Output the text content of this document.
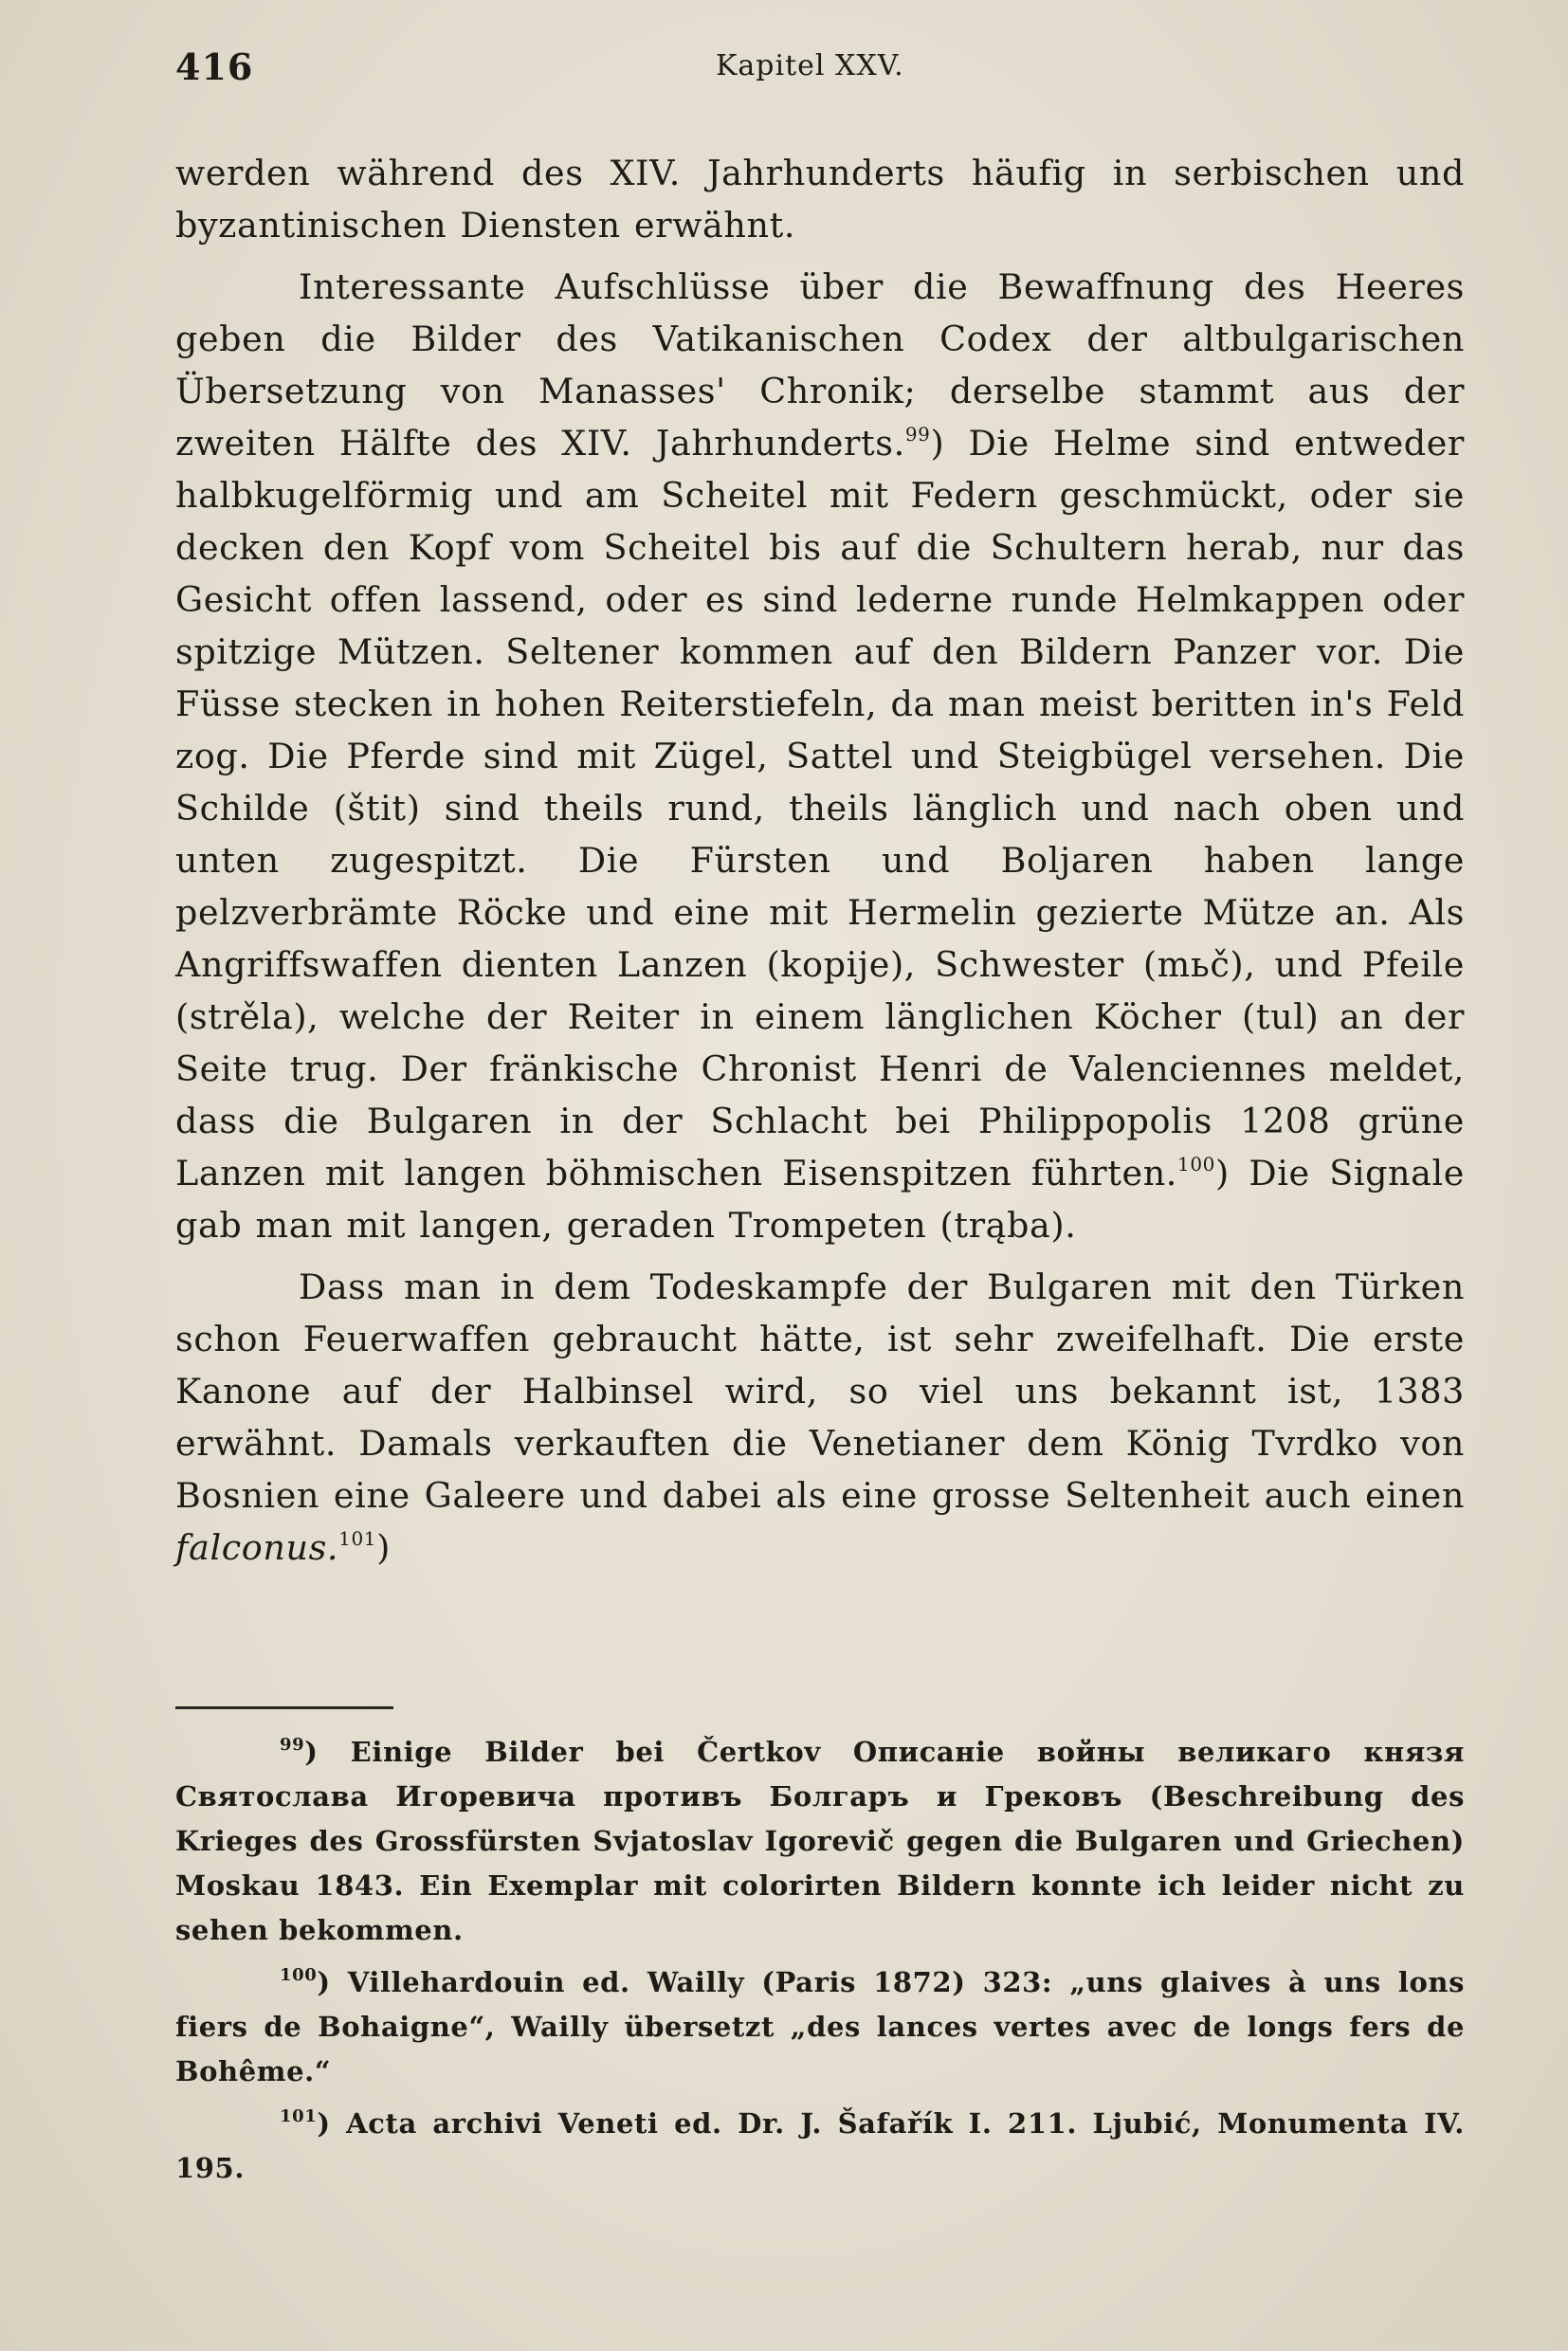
416	Kapitel XXV.

werden während des XIV. Jahrhunderts häufig in serbischen und byzantinischen Diensten erwähnt.

Interessante Aufschlüsse über die Bewaffnung des Heeres geben die Bilder des Vatikanischen Codex der altbulgarischen Übersetzung von Manasses' Chronik; derselbe stammt aus der zweiten Hälfte des XIV. Jahrhunderts.$^{99}$) Die Helme sind entweder halbkugelförmig und am Scheitel mit Federn geschmückt, oder sie decken den Kopf vom Scheitel bis auf die Schultern herab, nur das Gesicht offen lassend, oder es sind lederne runde Helmkappen oder spitzige Mützen. Seltener kommen auf den Bildern Panzer vor. Die Füsse stecken in hohen Reiterstiefeln, da man meist beritten in's Feld zog. Die Pferde sind mit Zügel, Sattel und Steigbügel versehen. Die Schilde (štit) sind theils rund, theils länglich und nach oben und unten zugespitzt. Die Fürsten und Boljaren haben lange pelzverbrämte Röcke und eine mit Hermelin gezierte Mütze an. Als Angriffswaffen dienten Lanzen (kopije), Schwester (mьč), und Pfeile (strěla), welche der Reiter in einem länglichen Köcher (tul) an der Seite trug. Der fränkische Chronist Henri de Valenciennes meldet, dass die Bulgaren in der Schlacht bei Philippopolis 1208 grüne Lanzen mit langen böhmischen Eisenspitzen führten.$^{100}$) Die Signale gab man mit langen, geraden Trompeten (trąba).

Dass man in dem Todeskampfe der Bulgaren mit den Türken schon Feuerwaffen gebraucht hätte, ist sehr zweifelhaft. Die erste Kanone auf der Halbinsel wird, so viel uns bekannt ist, 1383 erwähnt. Damals verkauften die Venetianer dem König Tvrdko von Bosnien eine Galeere und dabei als eine grosse Seltenheit auch einen falconus.$^{101}$)

$^{99}$) Einige Bilder bei Čertkov Описаніе войны великаго князя Святослава Игоревича противъ Болгаръ и Грековъ (Beschreibung des Krieges des Grossfürsten Svjatoslav Igorevič gegen die Bulgaren und Griechen) Moskau 1843. Ein Exemplar mit colorirten Bildern konnte ich leider nicht zu sehen bekommen.

$^{100}$) Villehardouin ed. Wailly (Paris 1872) 323: „uns glaives à uns lons fiers de Bohaigne“, Wailly übersetzt „des lances vertes avec de longs fers de Bohême.“

$^{101}$) Acta archivi Veneti ed. Dr. J. Šafařík I. 211. Ljubić, Monumenta IV. 195.
